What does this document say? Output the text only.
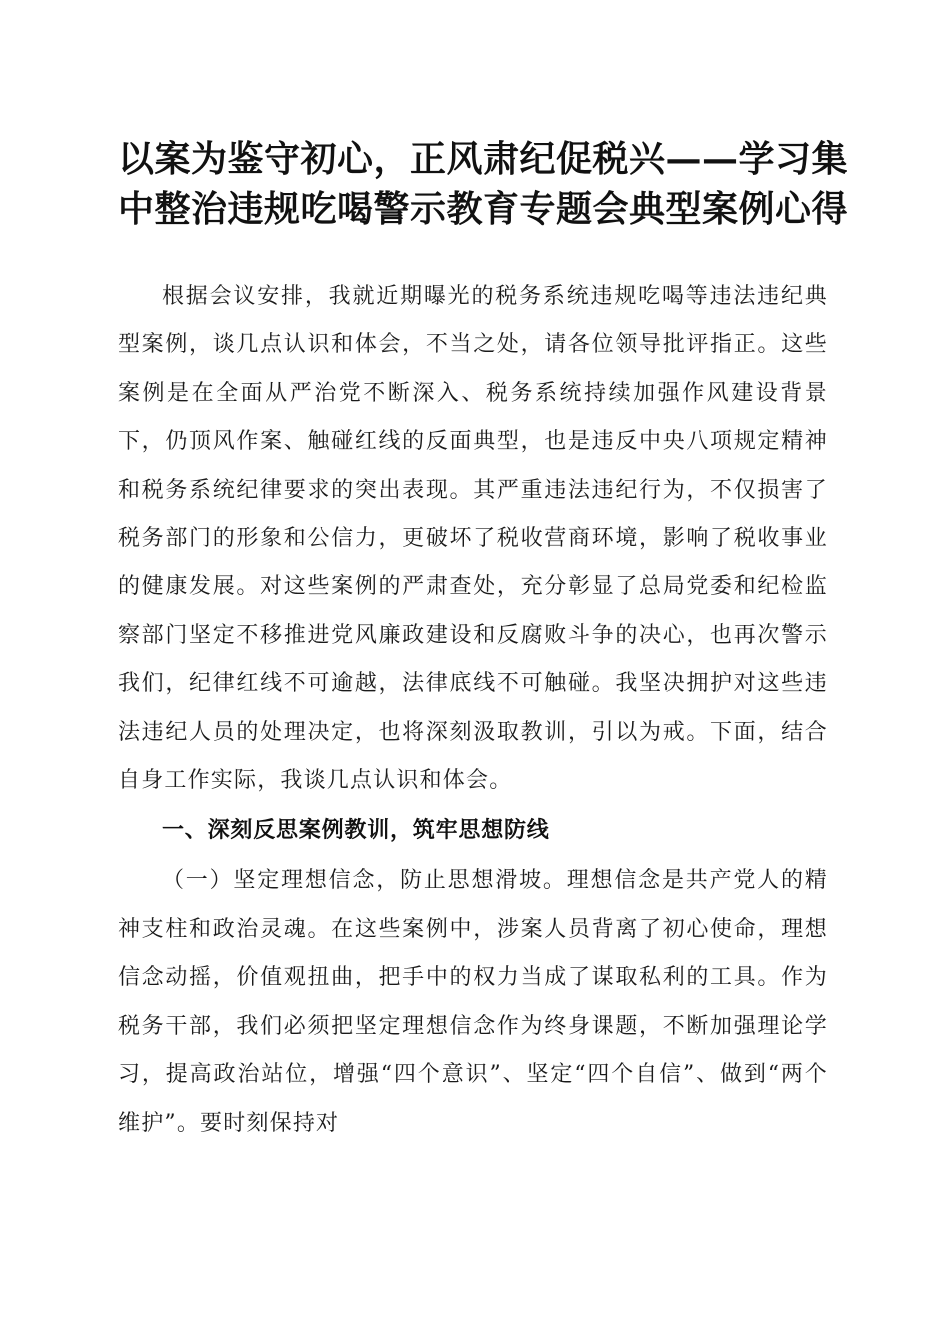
以案为鉴守初心，正风肃纪促税兴——学习集
中整治违规吃喝警示教育专题会典型案例心得

根据会议安排，我就近期曝光的税务系统违规吃喝等违法违纪典型案例，谈几点认识和体会，不当之处，请各位领导批评指正。这些案例是在全面从严治党不断深入、税务系统持续加强作风建设背景下，仍顶风作案、触碰红线的反面典型，也是违反中央八项规定精神和税务系统纪律要求的突出表现。其严重违法违纪行为，不仅损害了税务部门的形象和公信力，更破坏了税收营商环境，影响了税收事业的健康发展。对这些案例的严肃查处，充分彰显了总局党委和纪检监察部门坚定不移推进党风廉政建设和反腐败斗争的决心，也再次警示我们，纪律红线不可逾越，法律底线不可触碰。我坚决拥护对这些违法违纪人员的处理决定，也将深刻汲取教训，引以为戒。下面，结合自身工作实际，我谈几点认识和体会。

一、深刻反思案例教训，筑牢思想防线

（一）坚定理想信念，防止思想滑坡。理想信念是共产党人的精神支柱和政治灵魂。在这些案例中，涉案人员背离了初心使命，理想信念动摇，价值观扭曲，把手中的权力当成了谋取私利的工具。作为税务干部，我们必须把坚定理想信念作为终身课题，不断加强理论学习，提高政治站位，增强“四个意识”、坚定“四个自信”、做到“两个维护”。要时刻保持对
